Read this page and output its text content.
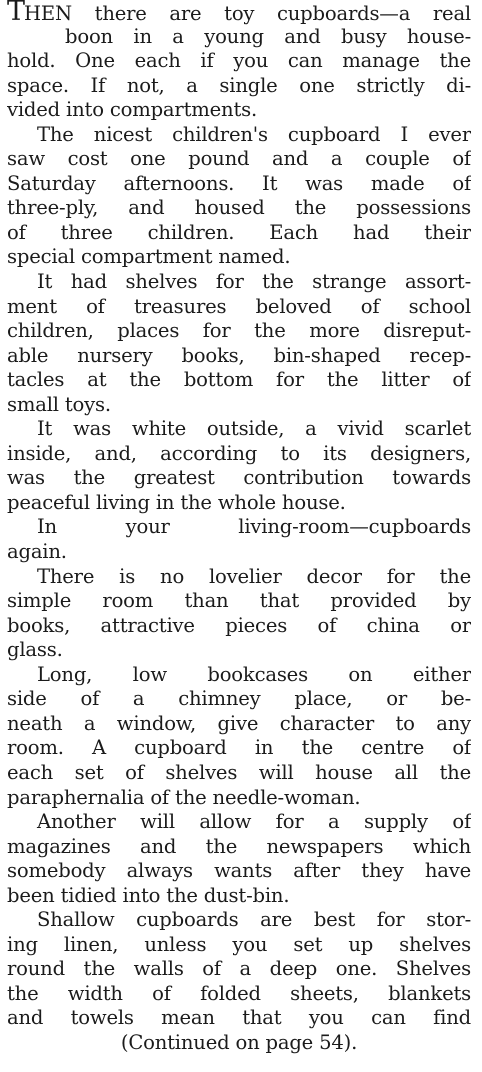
THEN there are toy cupboards—a real
boon in a young and busy house-
hold. One each if you can manage the
space. If not, a single one strictly di-
vided into compartments.
The nicest children's cupboard I ever
saw cost one pound and a couple of
Saturday afternoons. It was made of
three-ply, and housed the possessions
of three children. Each had their
special compartment named.
It had shelves for the strange assort-
ment of treasures beloved of school
children, places for the more disreput-
able nursery books, bin-shaped recep-
tacles at the bottom for the litter of
small toys.
It was white outside, a vivid scarlet
inside, and, according to its designers,
was the greatest contribution towards
peaceful living in the whole house.
In your living-room—cupboards
again.
There is no lovelier decor for the
simple room than that provided by
books, attractive pieces of china or
glass.
Long, low bookcases on either
side of a chimney place, or be-
neath a window, give character to any
room. A cupboard in the centre of
each set of shelves will house all the
paraphernalia of the needle-woman.
Another will allow for a supply of
magazines and the newspapers which
somebody always wants after they have
been tidied into the dust-bin.
Shallow cupboards are best for stor-
ing linen, unless you set up shelves
round the walls of a deep one. Shelves
the width of folded sheets, blankets
and towels mean that you can find
(Continued on page 54).
